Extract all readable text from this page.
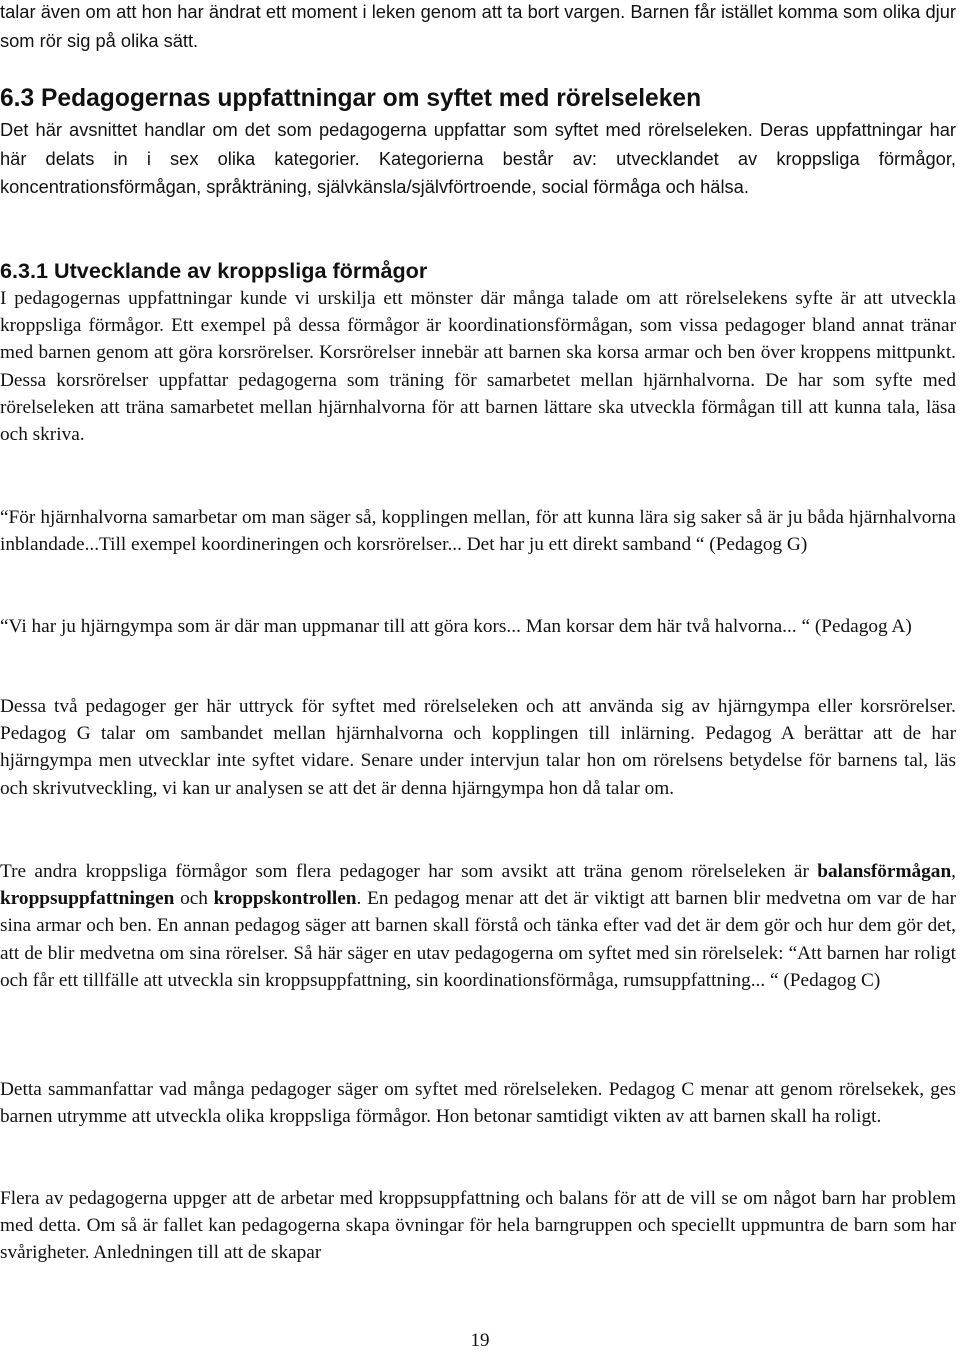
talar även om att hon har ändrat ett moment i leken genom att ta bort vargen. Barnen får istället komma som olika djur som rör sig på olika sätt.

6.3 Pedagogernas uppfattningar om syftet med rörelseleken

Det här avsnittet handlar om det som pedagogerna uppfattar som syftet med rörelseleken. Deras uppfattningar har här delats in i sex olika kategorier. Kategorierna består av: utvecklandet av kroppsliga förmågor, koncentrationsförmågan, språkträning, självkänsla/självförtroende, social förmåga och hälsa.

6.3.1 Utvecklande av kroppsliga förmågor

I pedagogernas uppfattningar kunde vi urskilja ett mönster där många talade om att rörelselekens syfte är att utveckla kroppsliga förmågor. Ett exempel på dessa förmågor är koordinationsförmågan, som vissa pedagoger bland annat tränar med barnen genom att göra korsrörelser. Korsrörelser innebär att barnen ska korsa armar och ben över kroppens mittpunkt. Dessa korsrörelser uppfattar pedagogerna som träning för samarbetet mellan hjärnhalvorna. De har som syfte med rörelseleken att träna samarbetet mellan hjärnhalvorna för att barnen lättare ska utveckla förmågan till att kunna tala, läsa och skriva.

“För hjärnhalvorna samarbetar om man säger så, kopplingen mellan, för att kunna lära sig saker så är ju båda hjärnhalvorna inblandade...Till exempel koordineringen och korsrörelser... Det har ju ett direkt samband “ (Pedagog G)

“Vi har ju hjärngympa som är där man uppmanar till att göra kors... Man korsar dem här två halvorna... “ (Pedagog A)

Dessa två pedagoger ger här uttryck för syftet med rörelseleken och att använda sig av hjärngympa eller korsrörelser. Pedagog G talar om sambandet mellan hjärnhalvorna och kopplingen till inlärning. Pedagog A berättar att de har hjärngympa men utvecklar inte syftet vidare. Senare under intervjun talar hon om rörelsens betydelse för barnens tal, läs och skrivutveckling, vi kan ur analysen se att det är denna hjärngympa hon då talar om.

Tre andra kroppsliga förmågor som flera pedagoger har som avsikt att träna genom rörelseleken är balansförmågan, kroppsuppfattningen och kroppskontrollen. En pedagog menar att det är viktigt att barnen blir medvetna om var de har sina armar och ben. En annan pedagog säger att barnen skall förstå och tänka efter vad det är dem gör och hur dem gör det, att de blir medvetna om sina rörelser. Så här säger en utav pedagogerna om syftet med sin rörelselek: “Att barnen har roligt och får ett tillfälle att utveckla sin kroppsuppfattning, sin koordinationsförmåga, rumsuppfattning... “ (Pedagog C)

Detta sammanfattar vad många pedagoger säger om syftet med rörelseleken. Pedagog C menar att genom rörelsekek, ges barnen utrymme att utveckla olika kroppsliga förmågor. Hon betonar samtidigt vikten av att barnen skall ha roligt.

Flera av pedagogerna uppger att de arbetar med kroppsuppfattning och balans för att de vill se om något barn har problem med detta. Om så är fallet kan pedagogerna skapa övningar för hela barngruppen och speciellt uppmuntra de barn som har svårigheter. Anledningen till att de skapar

19
